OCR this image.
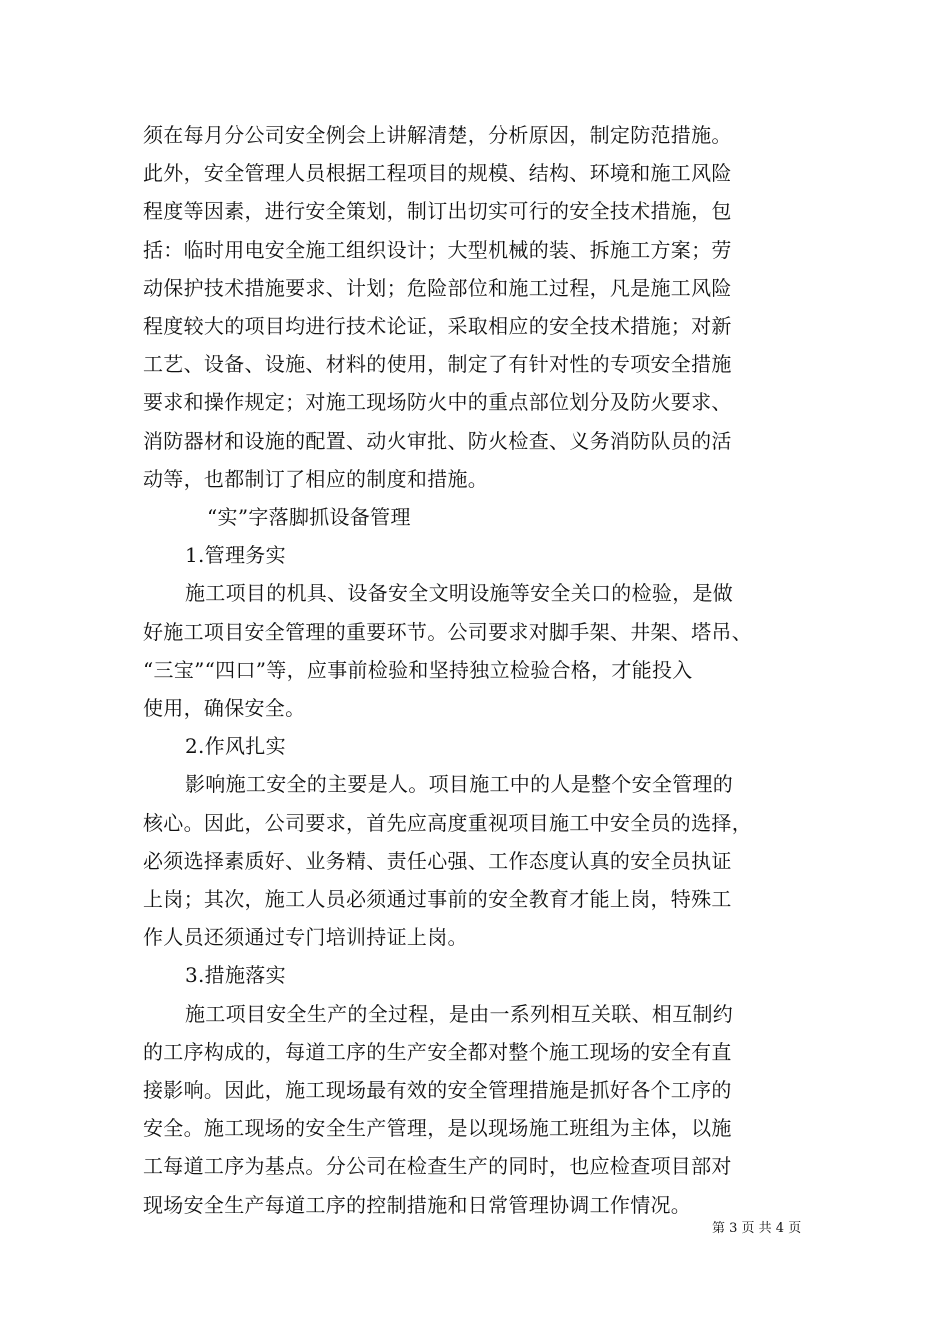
须在每月分公司安全例会上讲解清楚，分析原因，制定防范措施。
此外，安全管理人员根据工程项目的规模、结构、环境和施工风险
程度等因素，进行安全策划，制订出切实可行的安全技术措施，包
括：临时用电安全施工组织设计；大型机械的装、拆施工方案；劳
动保护技术措施要求、计划；危险部位和施工过程，凡是施工风险
程度较大的项目均进行技术论证，采取相应的安全技术措施；对新
工艺、设备、设施、材料的使用，制定了有针对性的专项安全措施
要求和操作规定；对施工现场防火中的重点部位划分及防火要求、
消防器材和设施的配置、动火审批、防火检查、义务消防队员的活
动等，也都制订了相应的制度和措施。
“实”字落脚抓设备管理
1.管理务实
施工项目的机具、设备安全文明设施等安全关口的检验，是做
好施工项目安全管理的重要环节。公司要求对脚手架、井架、塔吊、
“三宝”“四口”等，应事前检验和坚持独立检验合格，才能投入
使用，确保安全。
2.作风扎实
影响施工安全的主要是人。项目施工中的人是整个安全管理的
核心。因此，公司要求，首先应高度重视项目施工中安全员的选择，
必须选择素质好、业务精、责任心强、工作态度认真的安全员执证
上岗；其次，施工人员必须通过事前的安全教育才能上岗，特殊工
作人员还须通过专门培训持证上岗。
3.措施落实
施工项目安全生产的全过程，是由一系列相互关联、相互制约
的工序构成的，每道工序的生产安全都对整个施工现场的安全有直
接影响。因此，施工现场最有效的安全管理措施是抓好各个工序的
安全。施工现场的安全生产管理，是以现场施工班组为主体，以施
工每道工序为基点。分公司在检查生产的同时，也应检查项目部对
现场安全生产每道工序的控制措施和日常管理协调工作情况。
第 3 页 共 4 页
